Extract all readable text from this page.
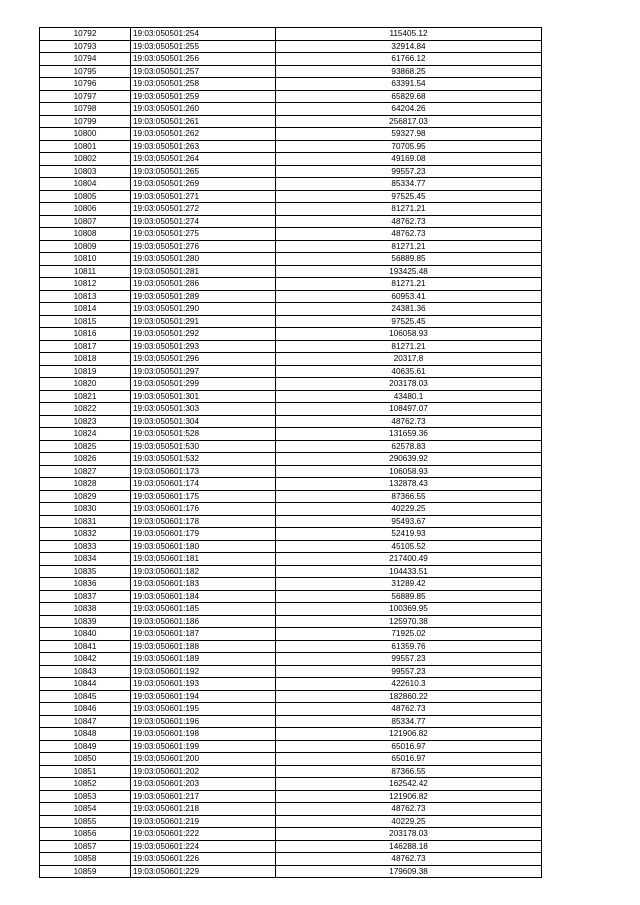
10792	19:03:050501:254	115405.12
10793	19:03:050501:255	32914.84
10794	19:03:050501:256	61766.12
10795	19:03:050501:257	93868.25
10796	19:03:050501:258	63391.54
10797	19:03:050501:259	65829.68
10798	19:03:050501:260	64204.26
10799	19:03:050501:261	256817.03
10800	19:03:050501:262	59327.98
10801	19:03:050501:263	70705.95
10802	19:03:050501:264	49169.08
10803	19:03:050501:265	99557.23
10804	19:03:050501:269	85334.77
10805	19:03:050501:271	97525.45
10806	19:03:050501:272	81271.21
10807	19:03:050501:274	48762.73
10808	19:03:050501:275	48762.73
10809	19:03:050501:276	81271.21
10810	19:03:050501:280	56889.85
10811	19:03:050501:281	193425.48
10812	19:03:050501:286	81271.21
10813	19:03:050501:289	60953.41
10814	19:03:050501:290	24381.36
10815	19:03:050501:291	97525.45
10816	19:03:050501:292	106058.93
10817	19:03:050501:293	81271.21
10818	19:03:050501:296	20317.8
10819	19:03:050501:297	40635.61
10820	19:03:050501:299	203178.03
10821	19:03:050501:301	43480.1
10822	19:03:050501:303	108497.07
10823	19:03:050501:304	48762.73
10824	19:03:050501:528	131659.36
10825	19:03:050501:530	62578.83
10826	19:03:050501:532	290639.92
10827	19:03:050601:173	106058.93
10828	19:03:050601:174	132878.43
10829	19:03:050601:175	87366.55
10830	19:03:050601:176	40229.25
10831	19:03:050601:178	95493.67
10832	19:03:050601:179	52419.93
10833	19:03:050601:180	45105.52
10834	19:03:050601:181	217400.49
10835	19:03:050601:182	104433.51
10836	19:03:050601:183	31289.42
10837	19:03:050601:184	56889.85
10838	19:03:050601:185	100369.95
10839	19:03:050601:186	125970.38
10840	19:03:050601:187	71925.02
10841	19:03:050601:188	61359.76
10842	19:03:050601:189	99557.23
10843	19:03:050601:192	99557.23
10844	19:03:050601:193	422610.3
10845	19:03:050601:194	182860.22
10846	19:03:050601:195	48762.73
10847	19:03:050601:196	85334.77
10848	19:03:050601:198	121906.82
10849	19:03:050601:199	65016.97
10850	19:03:050601:200	65016.97
10851	19:03:050601:202	87366.55
10852	19:03:050601:203	162542.42
10853	19:03:050601:217	121906.82
10854	19:03:050601:218	48762.73
10855	19:03:050601:219	40229.25
10856	19:03:050601:222	203178.03
10857	19:03:050601:224	146288.18
10858	19:03:050601:226	48762.73
10859	19:03:050601:229	179609.38
